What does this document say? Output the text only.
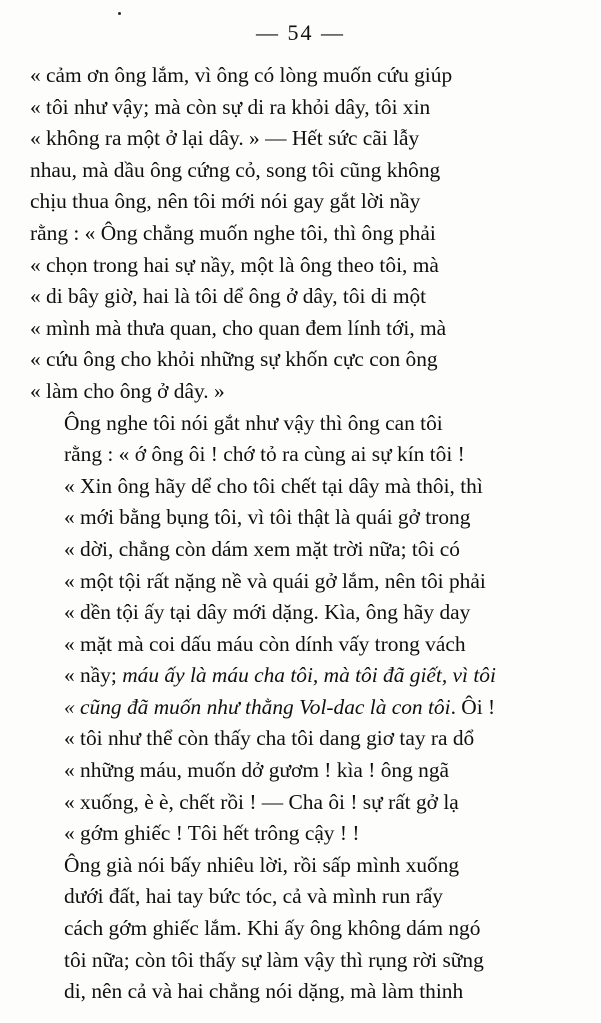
— 54 —

« cảm ơn ông lắm, vì ông có lòng muốn cứu giúp
« tôi như vậy; mà còn sự di ra khỏi dây, tôi xin
« không ra một ở lại dây. » — Hết sức cãi lẫy
nhau, mà dầu ông cứng cỏ, song tôi cũng không
chịu thua ông, nên tôi mới nói gay gắt lời nầy
rằng : « Ông chẳng muốn nghe tôi, thì ông phải
« chọn trong hai sự nầy, một là ông theo tôi, mà
« di bây giờ, hai là tôi dể ông ở dây, tôi di một
« mình mà thưa quan, cho quan đem lính tới, mà
« cứu ông cho khỏi những sự khốn cực con ông
« làm cho ông ở dây. »

Ông nghe tôi nói gắt như vậy thì ông can tôi
rằng : « ớ ông ôi ! chớ tỏ ra cùng ai sự kín tôi !
« Xin ông hãy dể cho tôi chết tại dây mà thôi, thì
« mới bằng bụng tôi, vì tôi thật là quái gở trong
« dời, chẳng còn dám xem mặt trời nữa; tôi có
« một tội rất nặng nề và quái gở lắm, nên tôi phải
« dền tội ấy tại dây mới dặng. Kìa, ông hãy day
« mặt mà coi dấu máu còn dính vấy trong vách
« nầy; máu ấy là máu cha tôi, mà tôi đã giết, vì tôi
« cũng đã muốn như thằng Vol-dac là con tôi. Ôi !
« tôi như thể còn thấy cha tôi dang giơ tay ra dổ
« những máu, muốn dở gươm ! kìa ! ông ngã
« xuống, è è, chết rồi ! — Cha ôi ! sự rất gở lạ
« gớm ghiếc ! Tôi hết trông cậy ! !

Ông già nói bấy nhiêu lời, rồi sấp mình xuống
dưới đất, hai tay bức tóc, cả và mình run rẩy
cách gớm ghiếc lắm. Khi ấy ông không dám ngó
tôi nữa; còn tôi thấy sự làm vậy thì rụng rời sững
di, nên cả và hai chẳng nói dặng, mà làm thinh
